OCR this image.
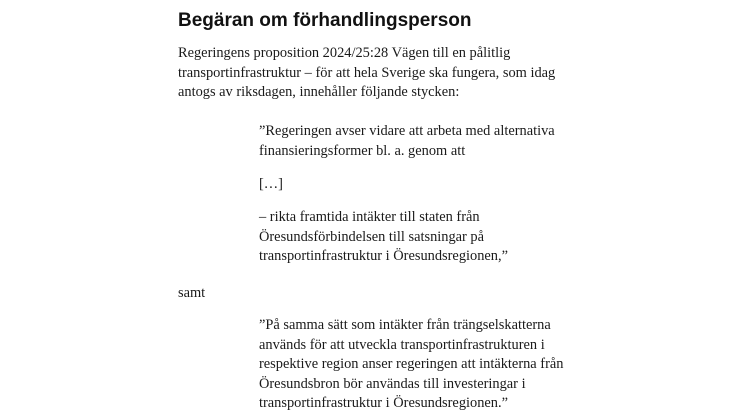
Begäran om förhandlingsperson

Regeringens proposition 2024/25:28 Vägen till en pålitlig
transportinfrastruktur – för att hela Sverige ska fungera, som idag
antogs av riksdagen, innehåller följande stycken:

”Regeringen avser vidare att arbeta med alternativa
finansieringsformer bl. a. genom att

[…]

– rikta framtida intäkter till staten från
Öresundsförbindelsen till satsningar på
transportinfrastruktur i Öresundsregionen,”

samt

”På samma sätt som intäkter från trängselskatterna
används för att utveckla transportinfrastrukturen i
respektive region anser regeringen att intäkterna från
Öresundsbron bör användas till investeringar i
transportinfrastruktur i Öresundsregionen.”
